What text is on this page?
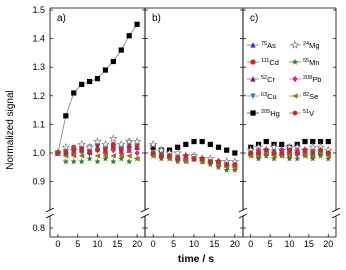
0.8
0.9
1.0
1.1
1.2
1.3
1.4
1.5
0 5 10 15 20
a)
0 5 10 15 20
b)
0 5 10 15 20
c)
$^{75}$As	$^{24}$Mg
$^{111}$Cd	$^{55}$Mn
$^{52}$Cr	$^{208}$Pb
$^{63}$Cu	$^{82}$Se
$^{205}$Hg	$^{51}$V
Normalized signal
time / s
